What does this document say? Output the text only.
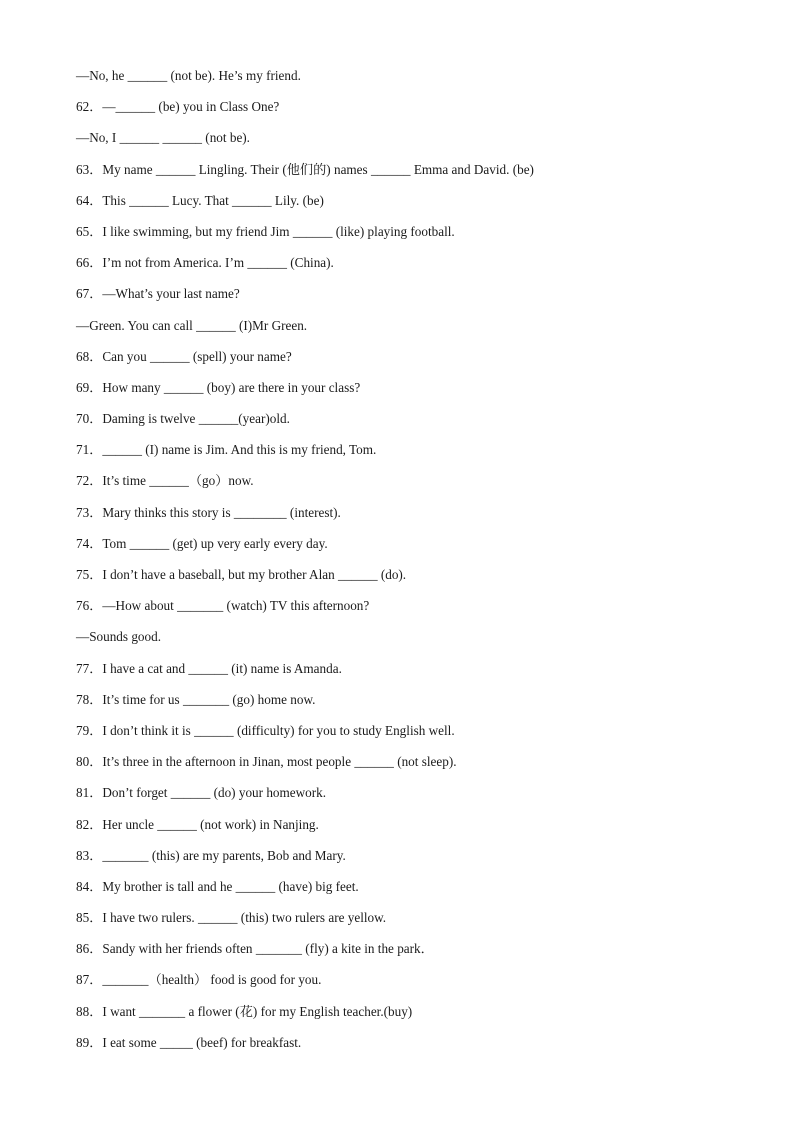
—No, he ______ (not be). He’s my friend.
62．—______ (be) you in Class One?
—No, I ______ ______ (not be).
63．My name ______ Lingling. Their (他们的) names ______ Emma and David. (be)
64．This ______ Lucy. That ______ Lily. (be)
65．I like swimming, but my friend Jim ______ (like) playing football.
66．I’m not from America. I’m ______ (China).
67．—What’s your last name?
—Green. You can call ______ (I)Mr Green.
68．Can you ______ (spell) your name?
69．How many ______ (boy) are there in your class?
70．Daming is twelve ______(year)old.
71．______ (I) name is Jim. And this is my friend, Tom.
72．It’s time ______（go）now.
73．Mary thinks this story is ________ (interest).
74．Tom ______ (get) up very early every day.
75．I don’t have a baseball, but my brother Alan ______ (do).
76．—How about _______ (watch) TV this afternoon?
—Sounds good.
77．I have a cat and ______ (it) name is Amanda.
78．It’s time for us _______ (go) home now.
79．I don’t think it is ______ (difficulty) for you to study English well.
80．It’s three in the afternoon in Jinan, most people ______ (not sleep).
81．Don’t forget ______ (do) your homework.
82．Her uncle ______ (not work) in Nanjing.
83．_______ (this) are my parents, Bob and Mary.
84．My brother is tall and he ______ (have) big feet.
85．I have two rulers. ______ (this) two rulers are yellow.
86．Sandy with her friends often _______ (fly) a kite in the park．
87．_______（health） food is good for you.
88．I want _______ a flower (花) for my English teacher.(buy)
89．I eat some _____ (beef) for breakfast.
